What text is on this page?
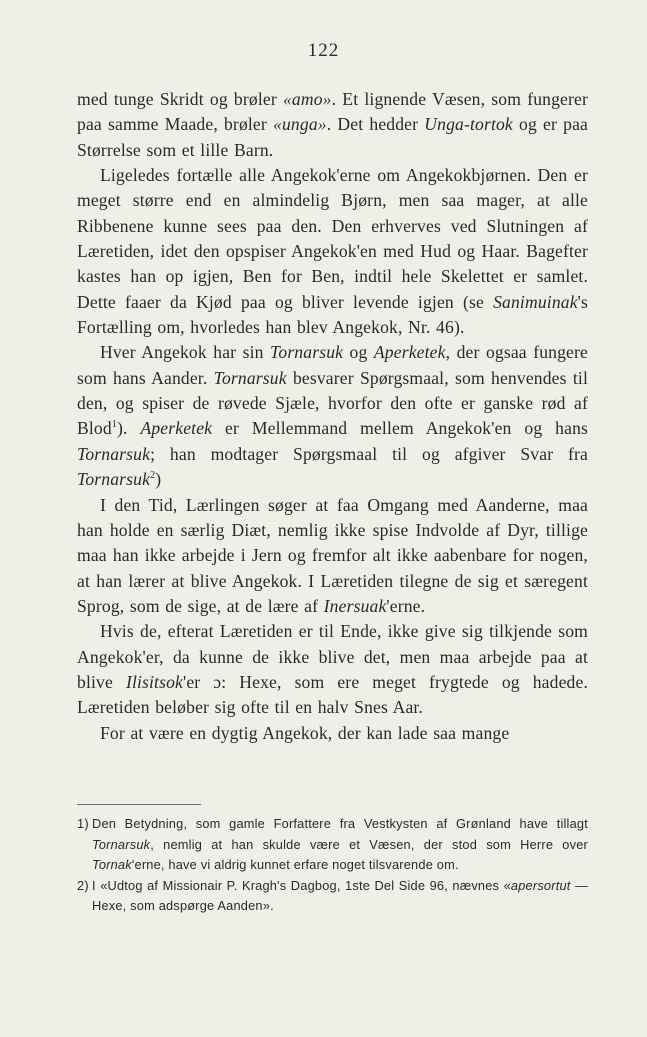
122

med tunge Skridt og brøler «amo». Et lignende Væsen, som fungerer paa samme Maade, brøler «unga». Det hedder Unga-tortok og er paa Størrelse som et lille Barn.

Ligeledes fortælle alle Angekok'erne om Angekokbjørnen. Den er meget større end en almindelig Bjørn, men saa mager, at alle Ribbenene kunne sees paa den. Den erhverves ved Slutningen af Læretiden, idet den opspiser Angekok'en med Hud og Haar. Bagefter kastes han op igjen, Ben for Ben, indtil hele Skelettet er samlet. Dette faaer da Kjød paa og bliver levende igjen (se Sanimuinak's Fortælling om, hvorledes han blev Angekok, Nr. 46).

Hver Angekok har sin Tornarsuk og Aperketek, der ogsaa fungere som hans Aander. Tornarsuk besvarer Spørgsmaal, som henvendes til den, og spiser de røvede Sjæle, hvorfor den ofte er ganske rød af Blod$^1$). Aperketek er Mellemmand mellem Angekok'en og hans Tornarsuk; han modtager Spørgsmaal til og afgiver Svar fra Tornarsuk$^2$)

I den Tid, Lærlingen søger at faa Omgang med Aanderne, maa han holde en særlig Diæt, nemlig ikke spise Indvolde af Dyr, tillige maa han ikke arbejde i Jern og fremfor alt ikke aabenbare for nogen, at han lærer at blive Angekok. I Læretiden tilegne de sig et særegent Sprog, som de sige, at de lære af Inersuak'erne.

Hvis de, efterat Læretiden er til Ende, ikke give sig tilkjende som Angekok'er, da kunne de ikke blive det, men maa arbejde paa at blive Ilisitsok'er ɔ: Hexe, som ere meget frygtede og hadede. Læretiden beløber sig ofte til en halv Snes Aar.

For at være en dygtig Angekok, der kan lade saa mange

1) Den Betydning, som gamle Forfattere fra Vestkysten af Grønland have tillagt Tornarsuk, nemlig at han skulde være et Væsen, der stod som Herre over Tornak'erne, have vi aldrig kunnet erfare noget tilsvarende om.

2) I «Udtog af Missionair P. Kragh's Dagbog, 1ste Del Side 96, nævnes «apersortut — Hexe, som adspørge Aanden».
